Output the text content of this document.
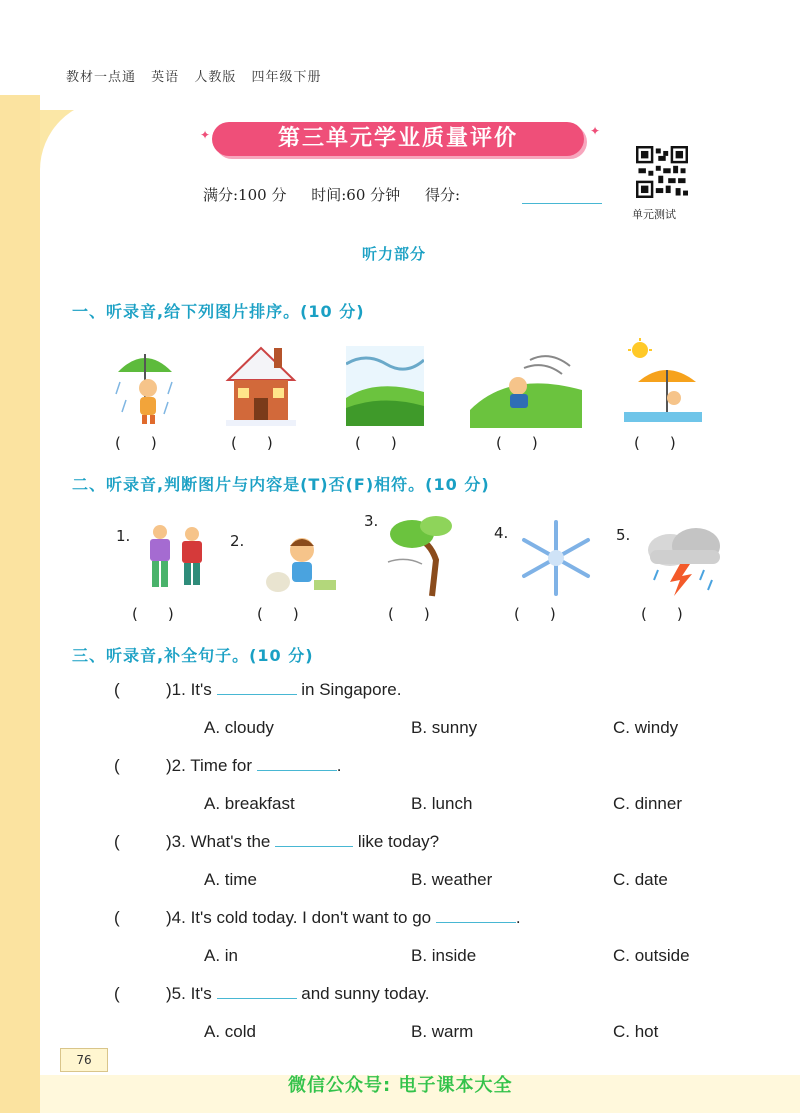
教材一点通 英语 人教版 四年级下册
第三单元学业质量评价
✦	✦
满分:100 分 时间:60 分钟 得分:
单元测试
听力部分
一、听录音,给下列图片排序。(10 分)
(　　)	(　　)	(　　)	(　　)	(　　)
二、听录音,判断图片与内容是(T)否(F)相符。(10 分)
1.	2.
3.
4.	5.
(　　)	(　　)	(　　)	(　　)	(　　)
三、听录音,补全句子。(10 分)
(	)1. It's	in Singapore.
A. cloudy	B. sunny	C. windy
(	)2. Time for	.
A. breakfast	B. lunch	C. dinner
(	)3. What's the	like today?
A. time	B. weather	C. date
(	)4. It's cold today. I don't want to go	.
A. in	B. inside	C. outside
(	)5. It's	and sunny today.
A. cold	B. warm	C. hot
76
微信公众号: 电子课本大全
